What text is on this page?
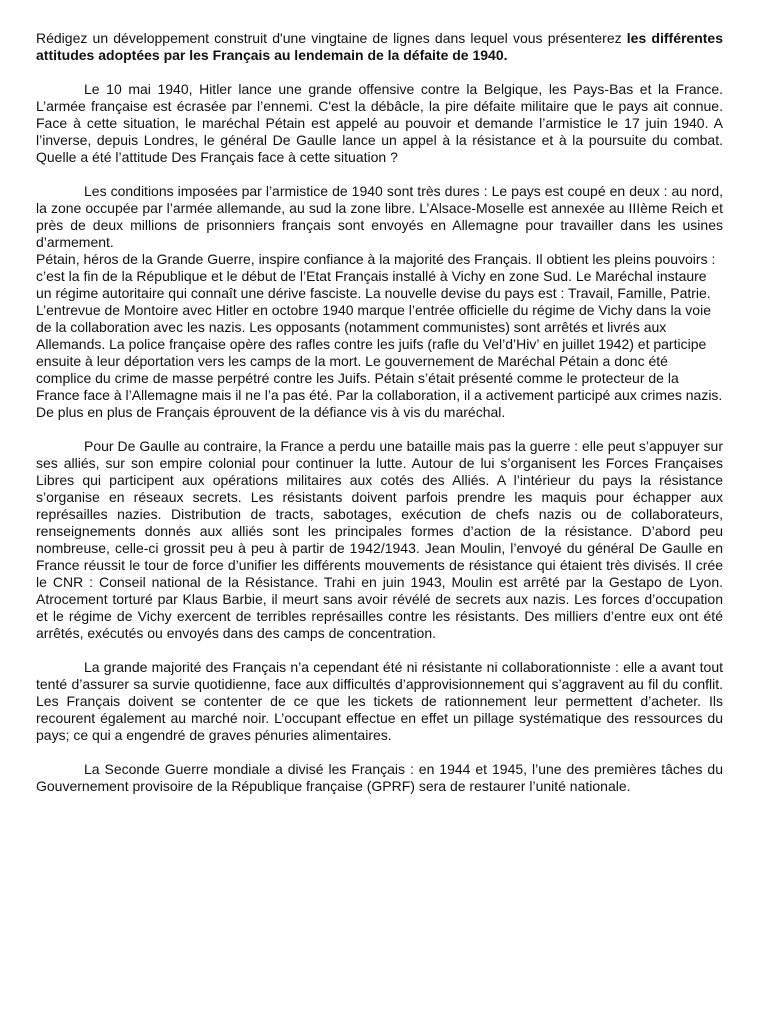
Rédigez un développement construit d'une vingtaine de lignes dans lequel vous présenterez les différentes attitudes adoptées par les Français au lendemain de la défaite de 1940.

Le 10 mai 1940, Hitler lance une grande offensive contre la Belgique, les Pays-Bas et la France. L’armée française est écrasée par l’ennemi. C'est la débâcle, la pire défaite militaire que le pays ait connue. Face à cette situation, le maréchal Pétain est appelé au pouvoir et demande l’armistice le 17 juin 1940. A l’inverse, depuis Londres, le général De Gaulle lance un appel à la résistance et à la poursuite du combat. Quelle a été l’attitude Des Français face à cette situation ?

Les conditions imposées par l’armistice de 1940 sont très dures : Le pays est coupé en deux : au nord, la zone occupée par l’armée allemande, au sud la zone libre. L’Alsace-Moselle est annexée au IIIème Reich et près de deux millions de prisonniers français sont envoyés en Allemagne pour travailler dans les usines d’armement.

Pétain, héros de la Grande Guerre, inspire confiance à la majorité des Français. Il obtient les pleins pouvoirs : c’est la fin de la République et le début de l’Etat Français installé à Vichy en zone Sud. Le Maréchal instaure un régime autoritaire qui connaît une dérive fasciste. La nouvelle devise du pays est : Travail, Famille, Patrie.

L’entrevue de Montoire avec Hitler en octobre 1940 marque l’entrée officielle du régime de Vichy dans la voie de la collaboration avec les nazis. Les opposants (notamment communistes) sont arrêtés et livrés aux

Allemands. La police française opère des rafles contre les juifs (rafle du Vel’d’Hiv’ en juillet 1942) et participe ensuite à leur déportation vers les camps de la mort. Le gouvernement de Maréchal Pétain a donc été complice du crime de masse perpétré contre les Juifs. Pétain s’était présenté comme le protecteur de la France face à l’Allemagne mais il ne l’a pas été. Par la collaboration, il a activement participé aux crimes nazis. De plus en plus de Français éprouvent de la défiance vis à vis du maréchal.

Pour De Gaulle au contraire, la France a perdu une bataille mais pas la guerre : elle peut s’appuyer sur ses alliés, sur son empire colonial pour continuer la lutte. Autour de lui s’organisent les Forces Françaises Libres qui participent aux opérations militaires aux cotés des Alliés. A l’intérieur du pays la résistance s’organise en réseaux secrets. Les résistants doivent parfois prendre les maquis pour échapper aux représailles nazies. Distribution de tracts, sabotages, exécution de chefs nazis ou de collaborateurs, renseignements donnés aux alliés sont les principales formes d’action de la résistance. D’abord peu nombreuse, celle-ci grossit peu à peu à partir de 1942/1943. Jean Moulin, l’envoyé du général De Gaulle en France réussit le tour de force d’unifier les différents mouvements de résistance qui étaient très divisés. Il crée le CNR : Conseil national de la Résistance. Trahi en juin 1943, Moulin est arrêté par la Gestapo de Lyon. Atrocement torturé par Klaus Barbie, il meurt sans avoir révélé de secrets aux nazis. Les forces d’occupation et le régime de Vichy exercent de terribles représailles contre les résistants. Des milliers d’entre eux ont été arrêtés, exécutés ou envoyés dans des camps de concentration.

La grande majorité des Français n’a cependant été ni résistante ni collaborationniste : elle a avant tout tenté d’assurer sa survie quotidienne, face aux difficultés d’approvisionnement qui s’aggravent au fil du conflit. Les Français doivent se contenter de ce que les tickets de rationnement leur permettent d’acheter. Ils recourent également au marché noir. L’occupant effectue en effet un pillage systématique des ressources du pays; ce qui a engendré de graves pénuries alimentaires.

La Seconde Guerre mondiale a divisé les Français : en 1944 et 1945, l’une des premières tâches du Gouvernement provisoire de la République française (GPRF) sera de restaurer l’unité nationale.
